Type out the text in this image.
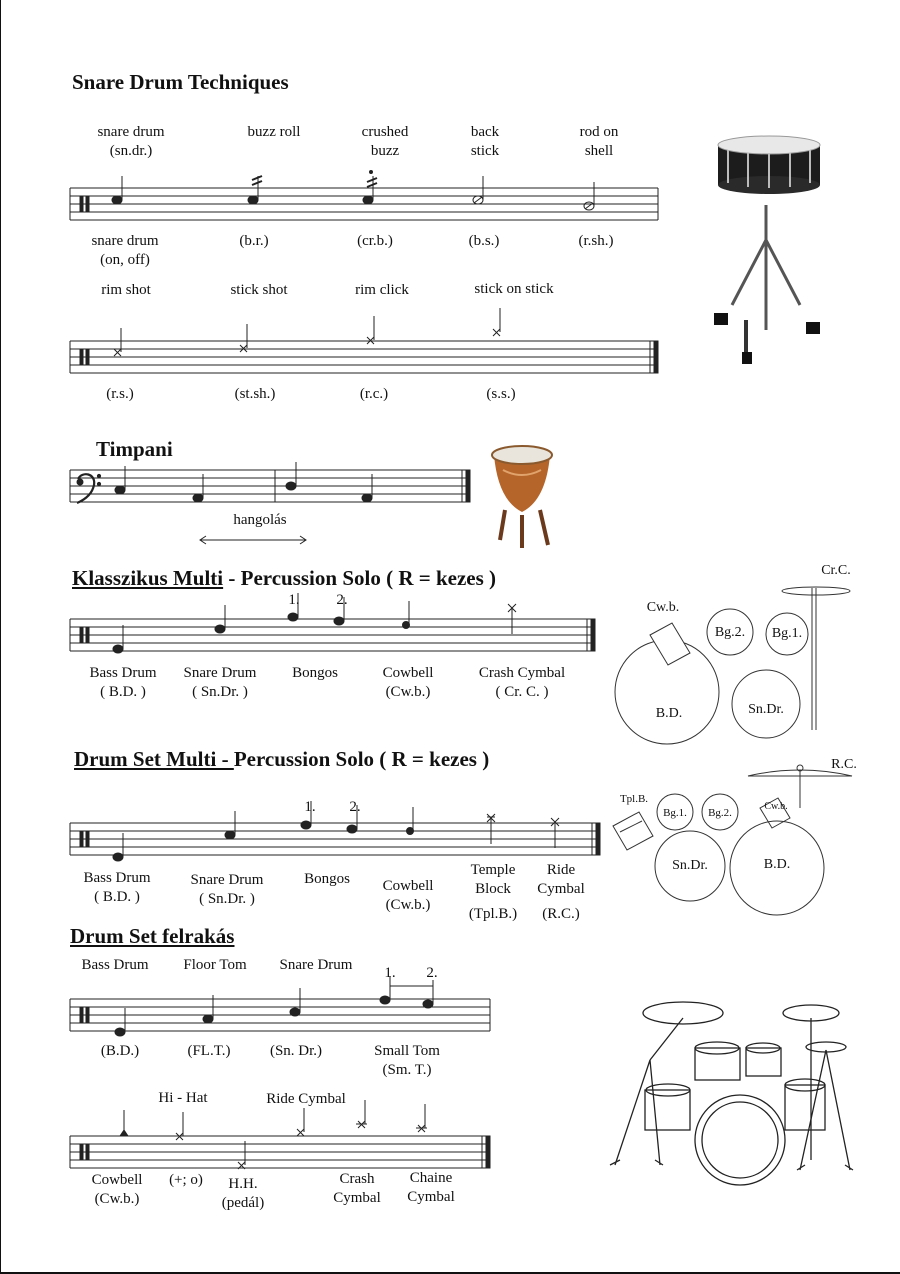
Snare Drum Techniques
snare drum
(sn.dr.)
buzz roll	crushed
buzz
back
stick
rod on
shell
snare drum
(on, off)
(b.r.)	(cr.b.)	(b.s.)	(r.sh.)
rim shot	stick shot	rim click	stick on stick
(r.s.)	(st.sh.)	(r.c.)	(s.s.)
Timpani
hangolás
Klasszikus Multi - Percussion Solo ( R = kezes )
1.	2.
Bass Drum
( B.D. )
Snare Drum
( Sn.Dr. )
Bongos	Cowbell
(Cw.b.)
Crash Cymbal
( Cr. C. )
Cr.C.
Cw.b.
Bg.2.	Bg.1.
B.D.	Sn.Dr.
Drum Set Multi - Percussion Solo ( R = kezes )
1.	2.
Bass Drum
( B.D. )
Snare Drum
( Sn.Dr. )
Bongos	Cowbell
(Cw.b.)
Temple
Block
(Tpl.B.)
Ride
Cymbal
(R.C.)
R.C.
Tpl.B.
Bg.1.	Bg.2.
Cw.b.
Sn.Dr.	B.D.
Drum Set felrakás
Bass Drum	Floor Tom	Snare Drum	1.	2.
(B.D.)	(FL.T.)	(Sn. Dr.)	Small Tom
(Sm. T.)
Hi - Hat	Ride Cymbal
Cowbell
(Cw.b.)
(+; o)	H.H.
(pedál)
Crash
Cymbal
Chaine
Cymbal
